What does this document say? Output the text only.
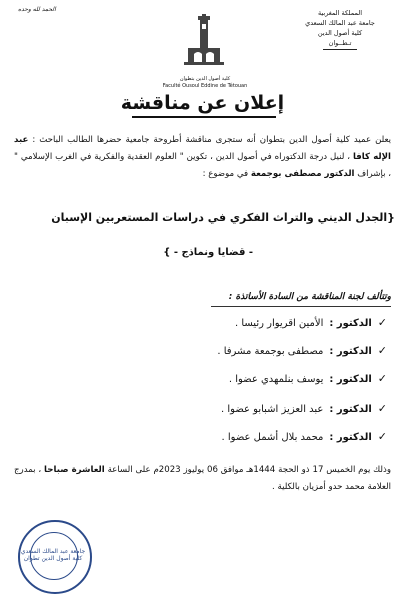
المملكة المغربية
جامعة عبد المالك السعدي
كلية أصول الدين
تـطــوان
الحمد لله وحده
كلية أصول الدين بتطوان
Faculté Ousoul Eddine de Tétouan
إعلان عن مناقشة
يعلن عميد كلية أصول الدين بتطوان أنه ستجرى مناقشة أطروحة جامعية حضرها الطالب الباحث : عبد الإله كافا ، لنيل درجة الدكتوراه في أصول الدين ، تكوين " العلوم العقدية والفكرية في الغرب الإسلامي " ، بإشراف الدكتور مصطفى بوجمعة في موضوع :
{الجدل الديني والتراث الفكري في دراسات المستعربين الإسبان
- قضايا ونماذج - }
وتتألف لجنة المناقشة من السادة الأساتذة :
✓الدكتور :الأمين اقريوار رئيسا .
✓الدكتور :مصطفى بوجمعة مشرفا .
✓الدكتور :يوسف بنلمهدي عضوا .
✓الدكتور :عبد العزيز اشبابو عضوا .
✓الدكتور :محمد بلال أشمل عضوا .
وذلك يوم الخميس 17 ذو الحجة 1444هـ موافق 06 يوليوز 2023م على الساعة العاشرة صباحا ، بمدرج العلامة محمد حدو أمزيان بالكلية .
جامعة عبد المالك السعدي كلية أصول الدين تطوان
